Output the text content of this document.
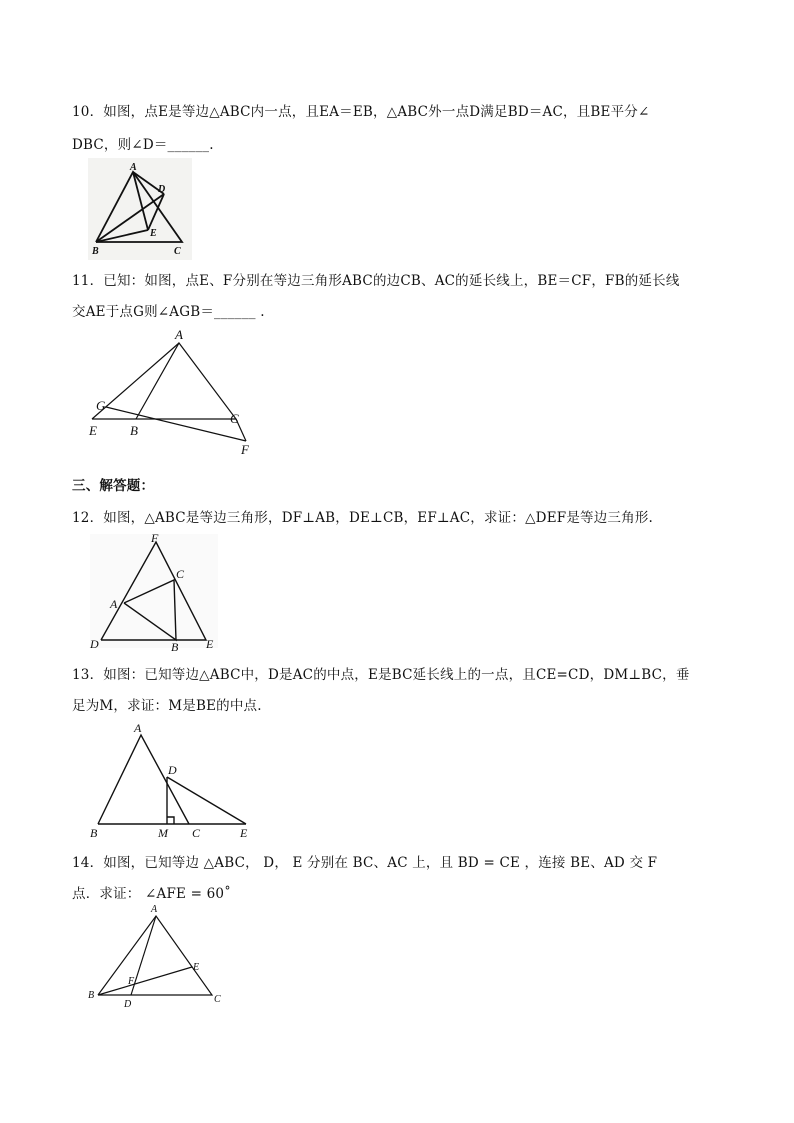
10．如图，点E是等边△ABC内一点，且EA＝EB，△ABC外一点D满足BD＝AC，且BE平分∠
DBC，则∠D＝______.
A
D
E
B	C
11．已知：如图，点E、F分别在等边三角形ABC的边CB、AC的延长线上，BE＝CF，FB的延长线
交AE于点G则∠AGB＝______ .
A
G
C
E	B
F
三、解答题：
12．如图，△ABC是等边三角形，DF⊥AB，DE⊥CB，EF⊥AC，求证：△DEF是等边三角形.
F
C
A
D	B E
13．如图：已知等边△ABC中，D是AC的中点，E是BC延长线上的一点，且CE=CD，DM⊥BC，垂
足为M，求证：M是BE的中点.
A
D
B	M C	E
14．如图，已知等边 △ABC， D， E 分别在 BC、AC 上，且 BD = CE ，连接 BE、AD 交 F
点．求证： ∠AFE = 60˚
A
E
F
B
D	C
